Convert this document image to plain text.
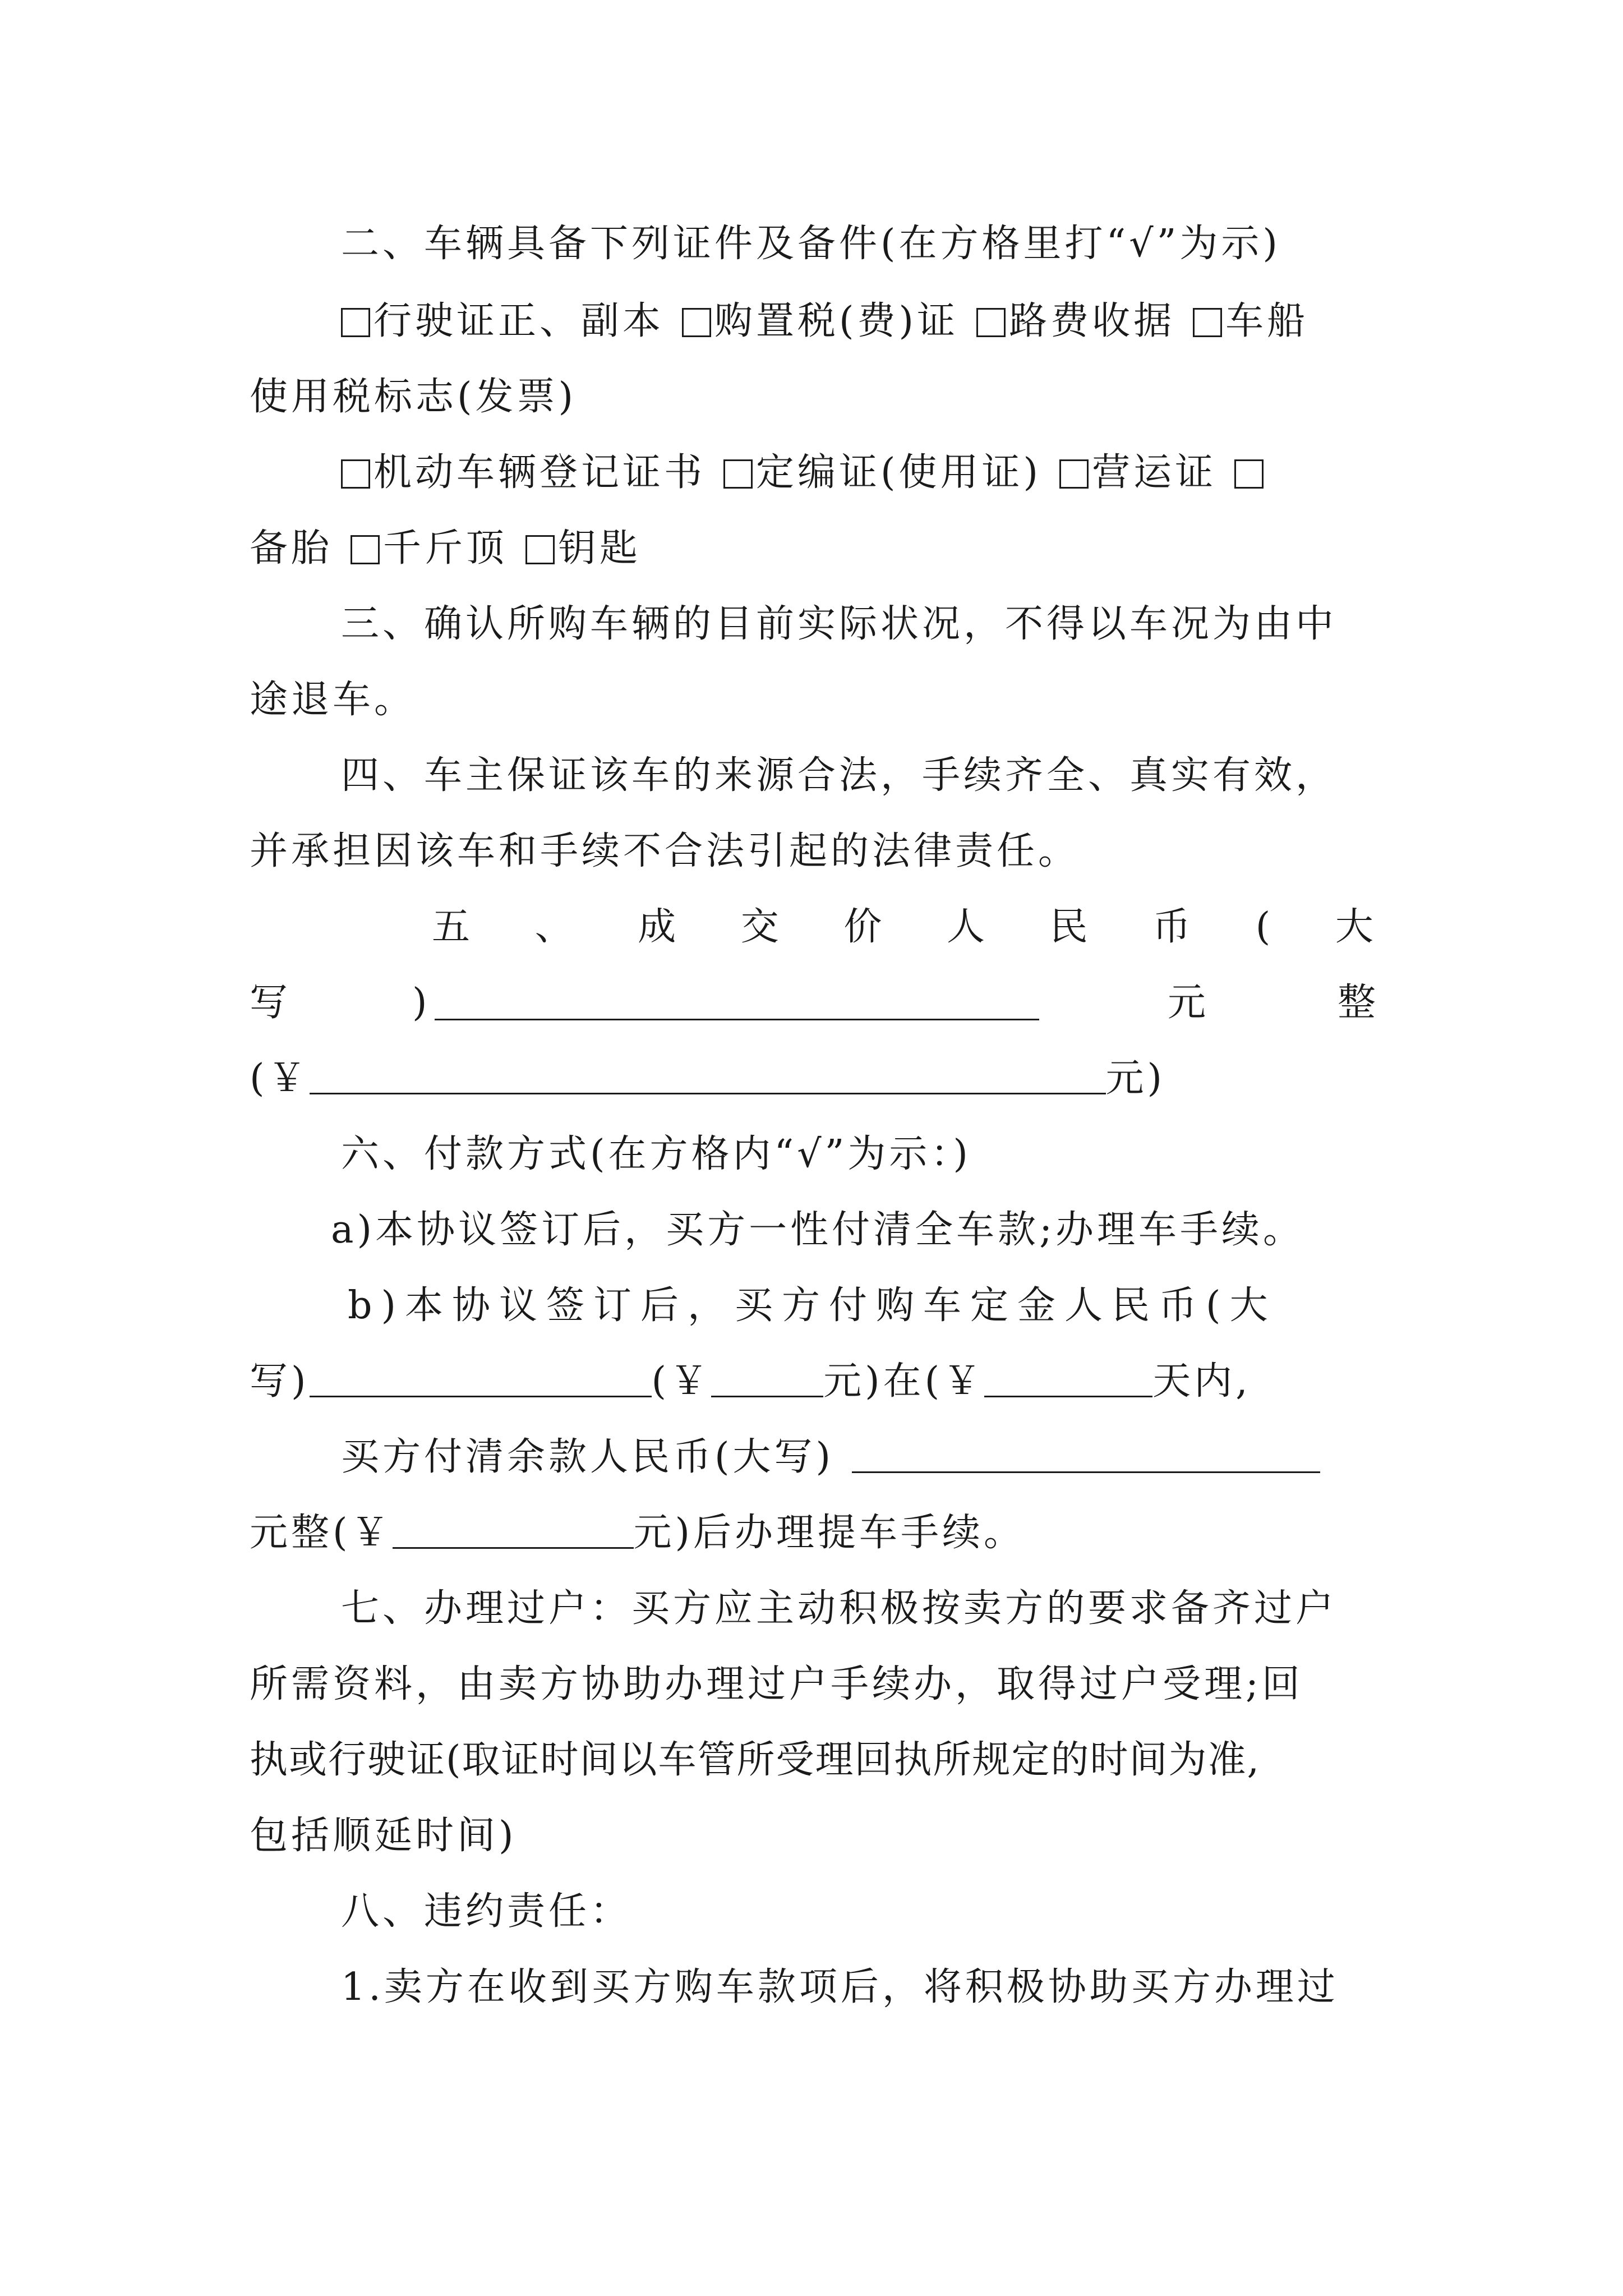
二、车辆具备下列证件及备件(在方格里打“√”为示)
行驶证正、副本 购置税(费)证 路费收据 车船
使用税标志(发票)
机动车辆登记证书 定编证(使用证) 营运证
备胎 千斤顶 钥匙
三、确认所购车辆的目前实际状况，不得以车况为由中
途退车。
四、车主保证该车的来源合法，手续齐全、真实有效，
并承担因该车和手续不合法引起的法律责任。
五 、 成 交 价 人 民 币 ( 大
写	)	元	整
(￥	元)
六、付款方式(在方格内“√”为示：)
a)本协议签订后，买方一性付清全车款;办理车手续。
b)本协议签订后，买方付购车定金人民币(大
写)	(￥	元)在(￥	天内,
买方付清余款人民币(大写)
元整(￥	元)后办理提车手续。
七、办理过户：买方应主动积极按卖方的要求备齐过户
所需资料，由卖方协助办理过户手续办，取得过户受理;回
执或行驶证(取证时间以车管所受理回执所规定的时间为准,
包括顺延时间)
八、违约责任：
1.卖方在收到买方购车款项后，将积极协助买方办理过
